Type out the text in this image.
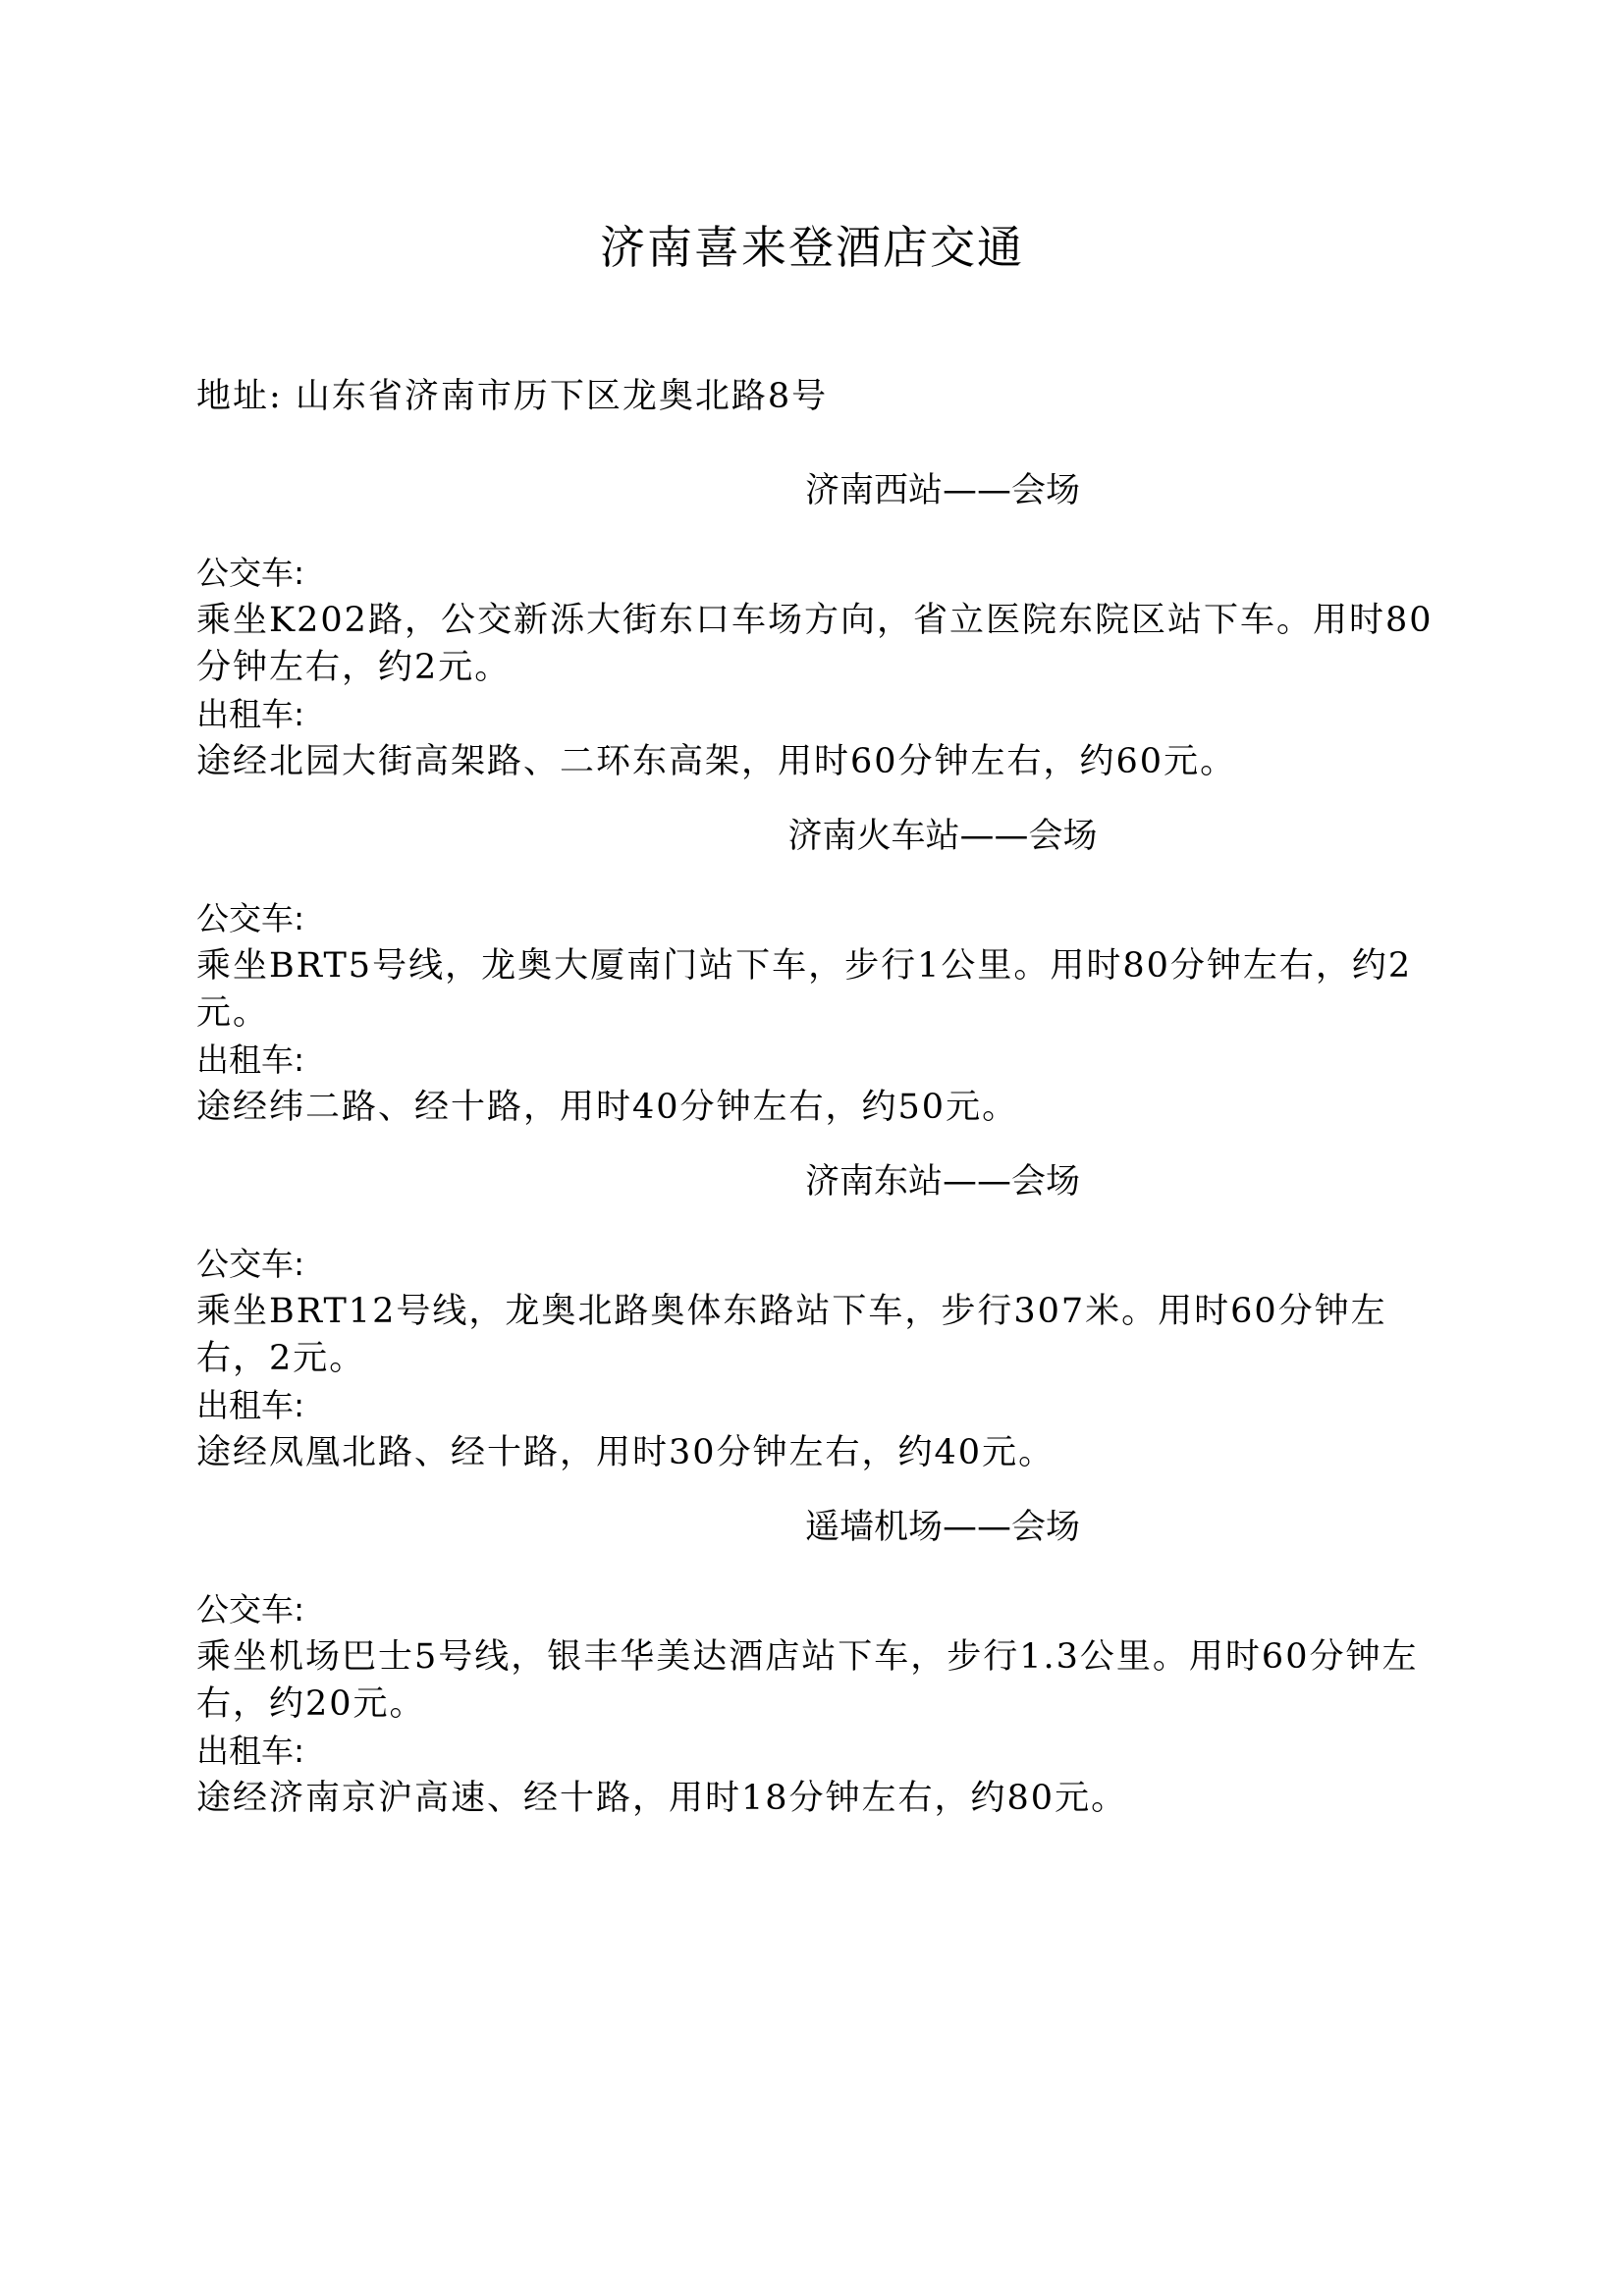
济南喜来登酒店交通

地址: 山东省济南市历下区龙奥北路8号

济南西站——会场

公交车:

乘坐K202路，公交新泺大街东口车场方向，省立医院东院区站下车。用时80分钟左右，约2元。

出租车:

途经北园大街高架路、二环东高架，用时60分钟左右，约60元。

济南火车站——会场

公交车:

乘坐BRT5号线，龙奥大厦南门站下车，步行1公里。用时80分钟左右，约2元。

出租车:

途经纬二路、经十路，用时40分钟左右，约50元。

济南东站——会场

公交车:

乘坐BRT12号线，龙奥北路奥体东路站下车，步行307米。用时60分钟左右，2元。

出租车:

途经凤凰北路、经十路，用时30分钟左右，约40元。

遥墙机场——会场

公交车:

乘坐机场巴士5号线，银丰华美达酒店站下车，步行1.3公里。用时60分钟左右，约20元。

出租车:

途经济南京沪高速、经十路，用时18分钟左右，约80元。
